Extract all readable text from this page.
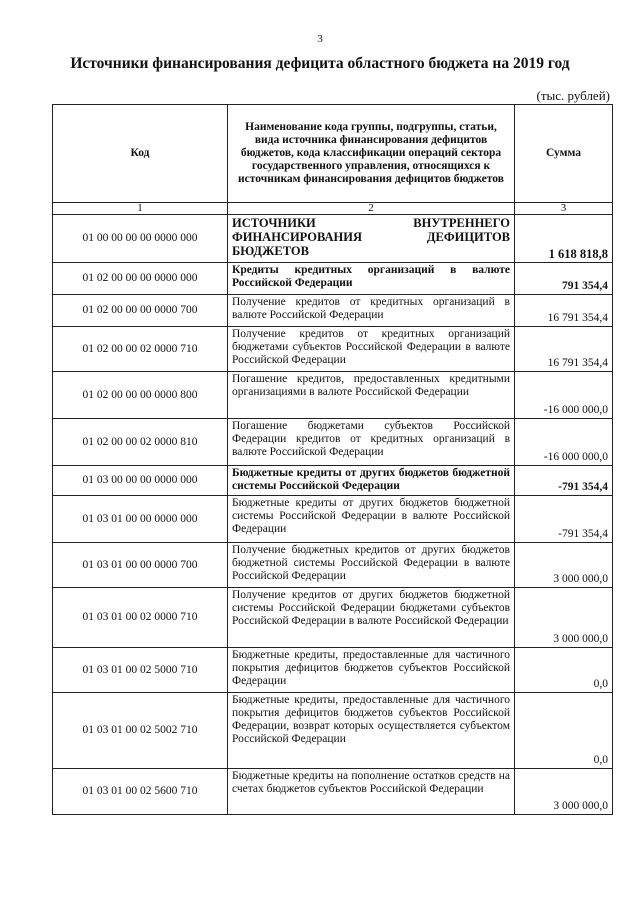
3
Источники финансирования дефицита областного бюджета на 2019 год
(тыс. рублей)
Код	Наименование кода группы, подгруппы, статьи, вида источника финансирования дефицитов бюджетов, кода классификации операций сектора государственного управления, относящихся к источникам финансирования дефицитов бюджетов	Сумма
1	2	3
01 00 00 00 00 0000 000	ИСТОЧНИКИ ВНУТРЕННЕГО ФИНАНСИРОВАНИЯ ДЕФИЦИТОВ БЮДЖЕТОВ	1 618 818,8
01 02 00 00 00 0000 000	Кредиты кредитных организаций в валюте Российской Федерации	791 354,4
01 02 00 00 00 0000 700	Получение кредитов от кредитных организаций в валюте Российской Федерации	16 791 354,4
01 02 00 00 02 0000 710	Получение кредитов от кредитных организаций бюджетами субъектов Российской Федерации в валюте Российской Федерации	16 791 354,4
01 02 00 00 00 0000 800	Погашение кредитов, предоставленных кредитными организациями в валюте Российской Федерации	-16 000 000,0
01 02 00 00 02 0000 810	Погашение бюджетами субъектов Российской Федерации кредитов от кредитных организаций в валюте Российской Федерации	-16 000 000,0
01 03 00 00 00 0000 000	Бюджетные кредиты от других бюджетов бюджетной системы Российской Федерации	-791 354,4
01 03 01 00 00 0000 000	Бюджетные кредиты от других бюджетов бюджетной системы Российской Федерации в валюте Российской Федерации	-791 354,4
01 03 01 00 00 0000 700	Получение бюджетных кредитов от других бюджетов бюджетной системы Российской Федерации в валюте Российской Федерации	3 000 000,0
01 03 01 00 02 0000 710	Получение кредитов от других бюджетов бюджетной системы Российской Федерации бюджетами субъектов Российской Федерации в валюте Российской Федерации	3 000 000,0
01 03 01 00 02 5000 710	Бюджетные кредиты, предоставленные для частичного покрытия дефицитов бюджетов субъектов Российской Федерации	0,0
01 03 01 00 02 5002 710	Бюджетные кредиты, предоставленные для частичного покрытия дефицитов бюджетов субъектов Российской Федерации, возврат которых осуществляется субъектом Российской Федерации	0,0
01 03 01 00 02 5600 710	Бюджетные кредиты на пополнение остатков средств на счетах бюджетов субъектов Российской Федерации	3 000 000,0
